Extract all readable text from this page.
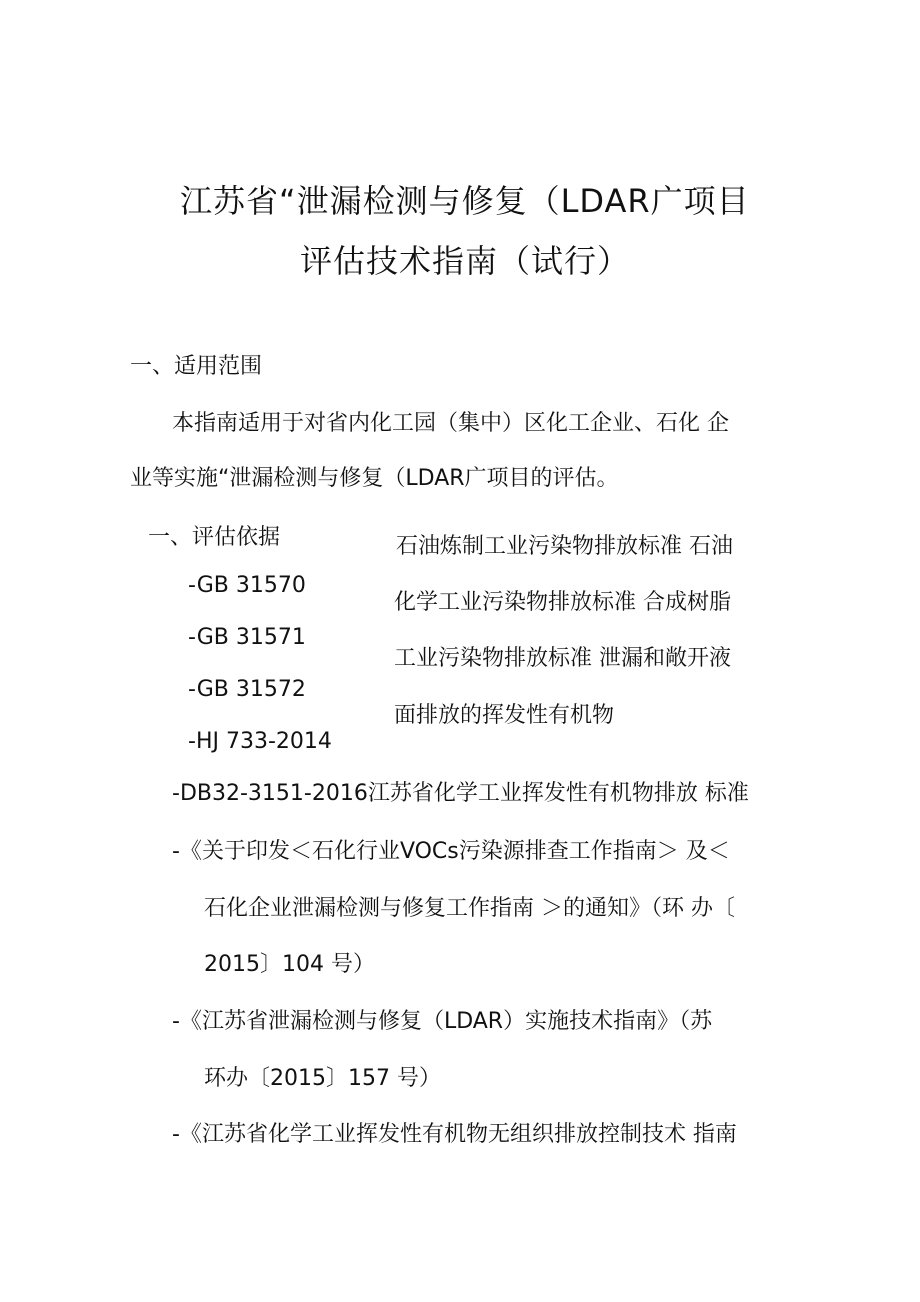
江苏省“泄漏检测与修复（LDAR广项目
评估技术指南（试行）
一、适用范围
本指南适用于对省内化工园（集中）区化工企业、石化 企
业等实施“泄漏检测与修复（LDAR广项目的评估。
一、评估依据
-GB 31570
-GB 31571
-GB 31572
-HJ 733-2014
石油炼制工业污染物排放标准 石油
化学工业污染物排放标准 合成树脂
工业污染物排放标准 泄漏和敞开液
面排放的挥发性有机物
-DB32-3151-2016江苏省化学工业挥发性有机物排放 标准
-《关于印发＜石化行业VOCs污染源排查工作指南＞ 及＜
石化企业泄漏检测与修复工作指南 ＞的通知》（环 办〔
2015〕104 号）
-《江苏省泄漏检测与修复（LDAR）实施技术指南》（苏
环办〔2015〕157 号）
-《江苏省化学工业挥发性有机物无组织排放控制技术 指南
